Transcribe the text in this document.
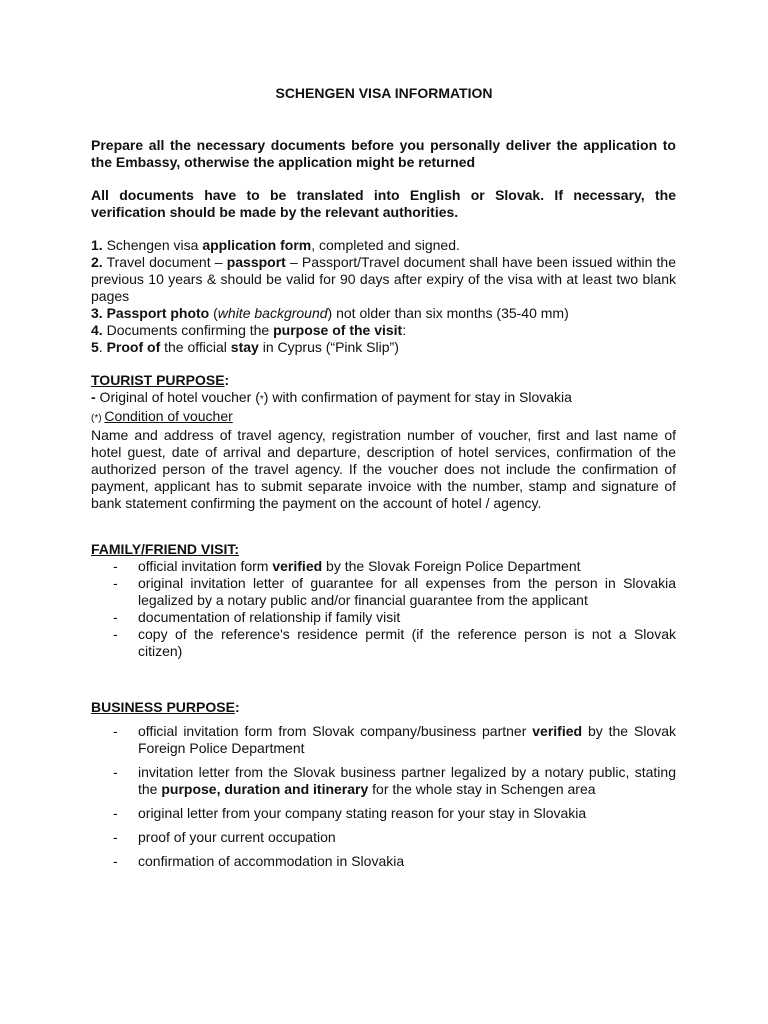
SCHENGEN VISA INFORMATION
Prepare all the necessary documents before you personally deliver the application to the Embassy, otherwise the application might be returned
All documents have to be translated into English or Slovak. If necessary, the verification should be made by the relevant authorities.
1. Schengen visa application form, completed and signed.
2. Travel document – passport – Passport/Travel document shall have been issued within the previous 10 years & should be valid for 90 days after expiry of the visa with at least two blank pages
3. Passport photo (white background) not older than six months (35-40 mm)
4. Documents confirming the purpose of the visit:
5. Proof of the official stay in Cyprus (“Pink Slip”)
TOURIST PURPOSE:
- Original of hotel voucher (*) with confirmation of payment for stay in Slovakia
(*) Condition of voucher
Name and address of travel agency, registration number of voucher, first and last name of hotel guest, date of arrival and departure, description of hotel services, confirmation of the authorized person of the travel agency. If the voucher does not include the confirmation of payment, applicant has to submit separate invoice with the number, stamp and signature of bank statement confirming the payment on the account of hotel / agency.
FAMILY/FRIEND VISIT:
- official invitation form verified by the Slovak Foreign Police Department
- original invitation letter of guarantee for all expenses from the person in Slovakia legalized by a notary public and/or financial guarantee from the applicant
- documentation of relationship if family visit
- copy of the reference's residence permit (if the reference person is not a Slovak citizen)
BUSINESS PURPOSE:
- official invitation form from Slovak company/business partner verified by the Slovak Foreign Police Department
- invitation letter from the Slovak business partner legalized by a notary public, stating the purpose, duration and itinerary for the whole stay in Schengen area
- original letter from your company stating reason for your stay in Slovakia
- proof of your current occupation
- confirmation of accommodation in Slovakia
